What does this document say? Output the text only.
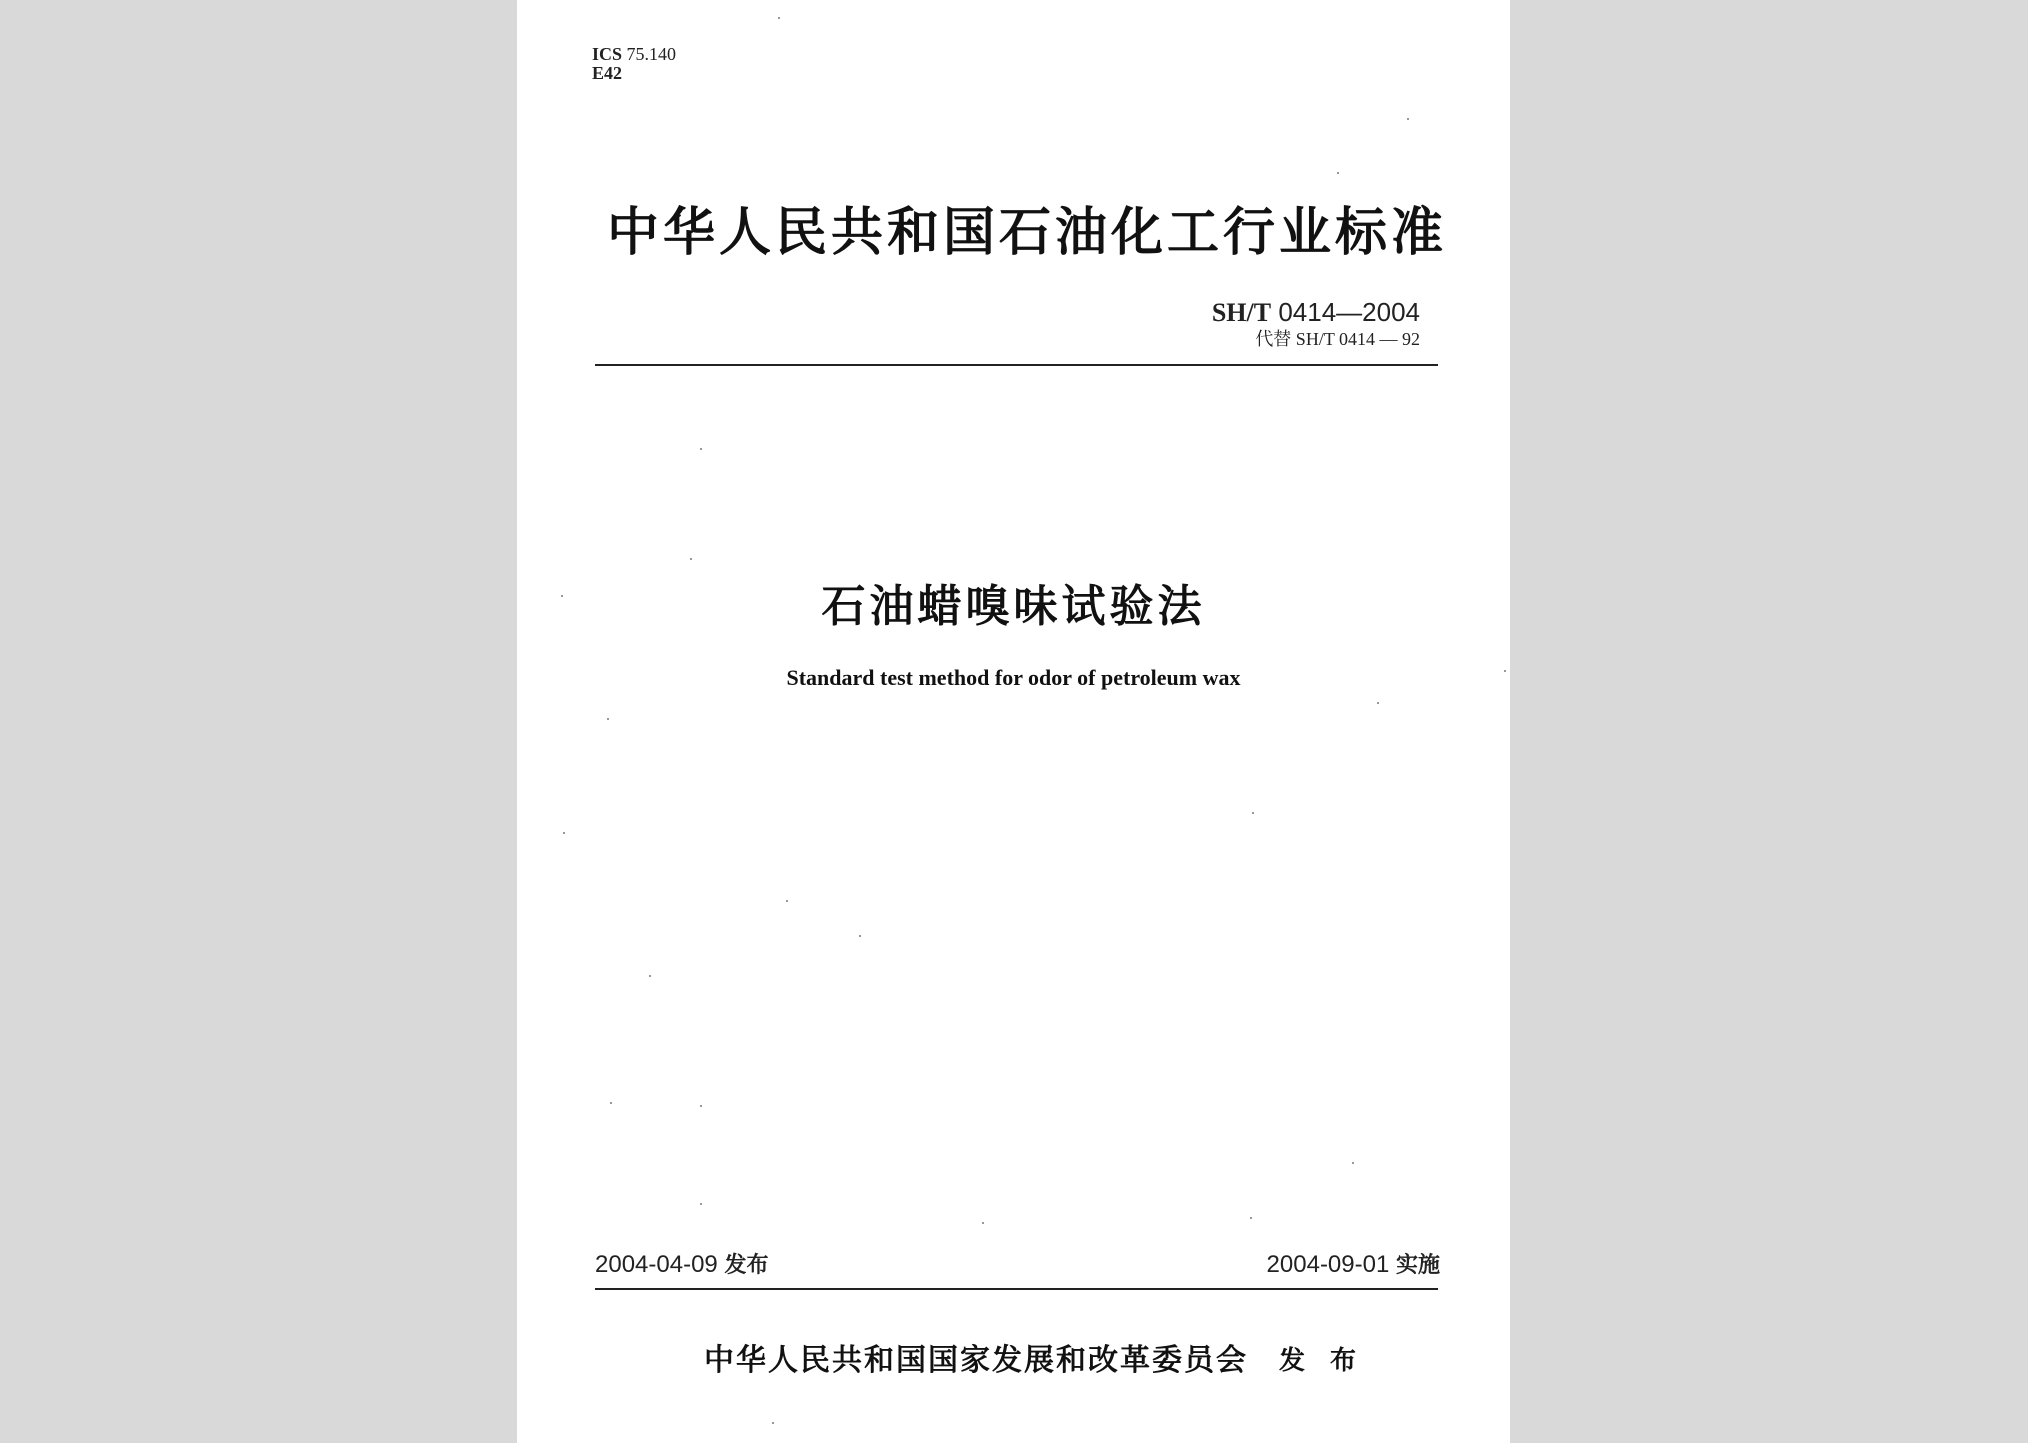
ICS 75.140
E42
中华人民共和国石油化工行业标准
SH/T 0414—2004
代替 SH/T 0414 — 92
石油蜡嗅味试验法
Standard test method for odor of petroleum wax
2004-04-09 发布	2004-09-01 实施
中华人民共和国国家发展和改革委员会 发 布
